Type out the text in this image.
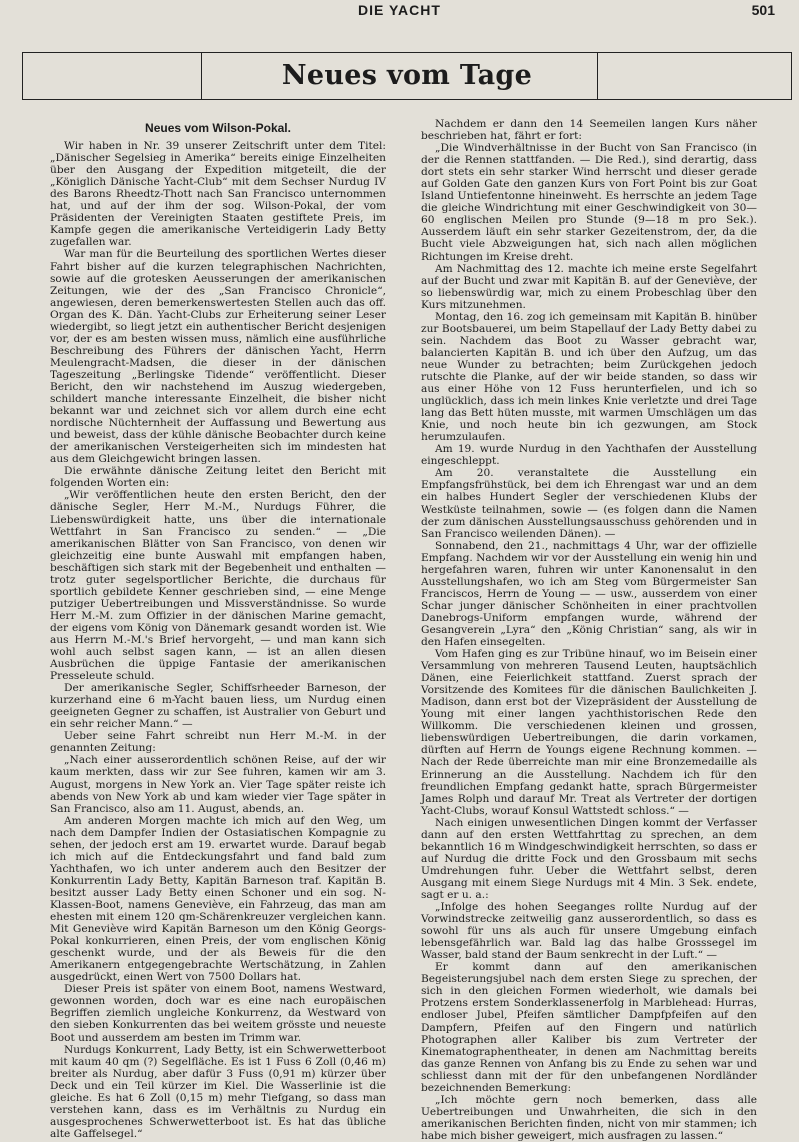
DIE YACHT	501
Neues vom Tage
Neues vom Wilson-Pokal.

Wir haben in Nr. 39 unserer Zeitschrift unter dem Titel: „Dänischer Segelsieg in Amerika“ bereits einige Einzelheiten über den Ausgang der Expedition mitgeteilt, die der „Königlich Dänische Yacht-Club“ mit dem Sechser Nurdug IV des Barons Rheedtz-Thott nach San Francisco unternommen hat, und auf der ihm der sog. Wilson-Pokal, der vom Präsidenten der Vereinigten Staaten gestiftete Preis, im Kampfe gegen die amerikanische Verteidigerin Lady Betty zugefallen war.

War man für die Beurteilung des sportlichen Wertes dieser Fahrt bisher auf die kurzen telegraphischen Nachrichten, sowie auf die grotesken Aeusserungen der amerikanischen Zeitungen, wie der des „San Francisco Chronicle“, angewiesen, deren bemerkenswertesten Stellen auch das off. Organ des K. Dän. Yacht-Clubs zur Erheiterung seiner Leser wiedergibt, so liegt jetzt ein authentischer Bericht desjenigen vor, der es am besten wissen muss, nämlich eine ausführliche Beschreibung des Führers der dänischen Yacht, Herrn Meulengracht-Madsen, die dieser in der dänischen Tageszeitung „Berlingske Tidende“ veröffentlicht. Dieser Bericht, den wir nachstehend im Auszug wiedergeben, schildert manche interessante Einzelheit, die bisher nicht bekannt war und zeichnet sich vor allem durch eine echt nordische Nüchternheit der Auffassung und Bewertung aus und beweist, dass der kühle dänische Beobachter durch keine der amerikanischen Versteigerheiten sich im mindesten hat aus dem Gleichgewicht bringen lassen.

Die erwähnte dänische Zeitung leitet den Bericht mit folgenden Worten ein:

„Wir veröffentlichen heute den ersten Bericht, den der dänische Segler, Herr M.-M., Nurdugs Führer, die Liebenswürdigkeit hatte, uns über die internationale Wettfahrt in San Francisco zu senden.“ — „Die amerikanischen Blätter von San Francisco, von denen wir gleichzeitig eine bunte Auswahl mit empfangen haben, beschäftigen sich stark mit der Begebenheit und enthalten — trotz guter segelsportlicher Berichte, die durchaus für sportlich gebildete Kenner geschrieben sind, — eine Menge putziger Uebertreibungen und Missverständnisse. So wurde Herr M.-M. zum Offizier in der dänischen Marine gemacht, der eigens vom König von Dänemark gesandt worden ist. Wie aus Herrn M.-M.'s Brief hervorgeht, — und man kann sich wohl auch selbst sagen kann, — ist an allen diesen Ausbrüchen die üppige Fantasie der amerikanischen Presseleute schuld.

Der amerikanische Segler, Schiffsrheeder Barneson, der kurzerhand eine 6 m-Yacht bauen liess, um Nurdug einen geeigneten Gegner zu schaffen, ist Australier von Geburt und ein sehr reicher Mann.“ —

Ueber seine Fahrt schreibt nun Herr M.-M. in der genannten Zeitung:

„Nach einer ausserordentlich schönen Reise, auf der wir kaum merkten, dass wir zur See fuhren, kamen wir am 3. August, morgens in New York an. Vier Tage später reiste ich abends von New York ab und kam wieder vier Tage später in San Francisco, also am 11. August, abends, an.

Am anderen Morgen machte ich mich auf den Weg, um nach dem Dampfer Indien der Ostasiatischen Kompagnie zu sehen, der jedoch erst am 19. erwartet wurde. Darauf begab ich mich auf die Entdeckungsfahrt und fand bald zum Yachthafen, wo ich unter anderem auch den Besitzer der Konkurrentin Lady Betty, Kapitän Barneson traf. Kapitän B. besitzt ausser Lady Betty einen Schoner und ein sog. N-Klassen-Boot, namens Geneviève, ein Fahrzeug, das man am ehesten mit einem 120 qm-Schärenkreuzer vergleichen kann. Mit Geneviève wird Kapitän Barneson um den König Georgs-Pokal konkurrieren, einen Preis, der vom englischen König geschenkt wurde, und der als Beweis für die den Amerikanern entgegengebrachte Wertschätzung, in Zahlen ausgedrückt, einen Wert von 7500 Dollars hat.

Dieser Preis ist später von einem Boot, namens Westward, gewonnen worden, doch war es eine nach europäischen Begriffen ziemlich ungleiche Konkurrenz, da Westward von den sieben Konkurrenten das bei weitem grösste und neueste Boot und ausserdem am besten im Trimm war.

Nurdugs Konkurrent, Lady Betty, ist ein Schwerwetterboot mit kaum 40 qm (?) Segelfläche. Es ist 1 Fuss 6 Zoll (0,46 m) breiter als Nurdug, aber dafür 3 Fuss (0,91 m) kürzer über Deck und ein Teil kürzer im Kiel. Die Wasserlinie ist die gleiche. Es hat 6 Zoll (0,15 m) mehr Tiefgang, so dass man verstehen kann, dass es im Verhältnis zu Nurdug ein ausgesprochenes Schwerwetterboot ist. Es hat das übliche alte Gaffelsegel.“

Nachdem er dann den 14 Seemeilen langen Kurs näher beschrieben hat, fährt er fort:

„Die Windverhältnisse in der Bucht von San Francisco (in der die Rennen stattfanden. — Die Red.), sind derartig, dass dort stets ein sehr starker Wind herrscht und dieser gerade auf Golden Gate den ganzen Kurs von Fort Point bis zur Goat Island Untiefentonne hineinweht. Es herrschte an jedem Tage die gleiche Windrichtung mit einer Geschwindigkeit von 30—60 englischen Meilen pro Stunde (9—18 m pro Sek.). Ausserdem läuft ein sehr starker Gezeitenstrom, der, da die Bucht viele Abzweigungen hat, sich nach allen möglichen Richtungen im Kreise dreht.

Am Nachmittag des 12. machte ich meine erste Segelfahrt auf der Bucht und zwar mit Kapitän B. auf der Geneviève, der so liebenswürdig war, mich zu einem Probeschlag über den Kurs mitzunehmen.

Montag, den 16. zog ich gemeinsam mit Kapitän B. hinüber zur Bootsbauerei, um beim Stapellauf der Lady Betty dabei zu sein. Nachdem das Boot zu Wasser gebracht war, balancierten Kapitän B. und ich über den Aufzug, um das neue Wunder zu betrachten; beim Zurückgehen jedoch rutschte die Planke, auf der wir beide standen, so dass wir aus einer Höhe von 12 Fuss herunterfielen, und ich so unglücklich, dass ich mein linkes Knie verletzte und drei Tage lang das Bett hüten musste, mit warmen Umschlägen um das Knie, und noch heute bin ich gezwungen, am Stock herumzulaufen.

Am 19. wurde Nurdug in den Yachthafen der Ausstellung eingeschleppt.

Am 20. veranstaltete die Ausstellung ein Empfangsfrühstück, bei dem ich Ehrengast war und an dem ein halbes Hundert Segler der verschiedenen Klubs der Westküste teilnahmen, sowie — (es folgen dann die Namen der zum dänischen Ausstellungsausschuss gehörenden und in San Francisco weilenden Dänen). —

Sonnabend, den 21., nachmittags 4 Uhr, war der offizielle Empfang. Nachdem wir vor der Ausstellung ein wenig hin und hergefahren waren, fuhren wir unter Kanonensalut in den Ausstellungshafen, wo ich am Steg vom Bürgermeister San Franciscos, Herrn de Young — — usw., ausserdem von einer Schar junger dänischer Schönheiten in einer prachtvollen Danebrogs-Uniform empfangen wurde, während der Gesangverein „Lyra“ den „König Christian“ sang, als wir in den Hafen einsegelten.

Vom Hafen ging es zur Tribüne hinauf, wo im Beisein einer Versammlung von mehreren Tausend Leuten, hauptsächlich Dänen, eine Feierlichkeit stattfand. Zuerst sprach der Vorsitzende des Komitees für die dänischen Baulichkeiten J. Madison, dann erst bot der Vizepräsident der Ausstellung de Young mit einer langen yachthistorischen Rede den Willkomm. Die verschiedenen kleinen und grossen, liebenswürdigen Uebertreibungen, die darin vorkamen, dürften auf Herrn de Youngs eigene Rechnung kommen. — Nach der Rede überreichte man mir eine Bronzemedaille als Erinnerung an die Ausstellung. Nachdem ich für den freundlichen Empfang gedankt hatte, sprach Bürgermeister James Rolph und darauf Mr. Treat als Vertreter der dortigen Yacht-Clubs, worauf Konsul Wattstedt schloss.“ —

Nach einigen unwesentlichen Dingen kommt der Verfasser dann auf den ersten Wettfahrttag zu sprechen, an dem bekanntlich 16 m Windgeschwindigkeit herrschten, so dass er auf Nurdug die dritte Fock und den Grossbaum mit sechs Umdrehungen fuhr. Ueber die Wettfahrt selbst, deren Ausgang mit einem Siege Nurdugs mit 4 Min. 3 Sek. endete, sagt er u. a.:

„Infolge des hohen Seeganges rollte Nurdug auf der Vorwindstrecke zeitweilig ganz ausserordentlich, so dass es sowohl für uns als auch für unsere Umgebung einfach lebensgefährlich war. Bald lag das halbe Grosssegel im Wasser, bald stand der Baum senkrecht in der Luft.“ —

Er kommt dann auf den amerikanischen Begeisterungsjubel nach dem ersten Siege zu sprechen, der sich in den gleichen Formen wiederholt, wie damals bei Protzens erstem Sonderklassenerfolg in Marblehead: Hurras, endloser Jubel, Pfeifen sämtlicher Dampfpfeifen auf den Dampfern, Pfeifen auf den Fingern und natürlich Photographen aller Kaliber bis zum Vertreter der Kinematographentheater, in denen am Nachmittag bereits das ganze Rennen von Anfang bis zu Ende zu sehen war und schliesst dann mit der für den unbefangenen Nordländer bezeichnenden Bemerkung:

„Ich möchte gern noch bemerken, dass alle Uebertreibungen und Unwahrheiten, die sich in den amerikanischen Berichten finden, nicht von mir stammen; ich habe mich bisher geweigert, mich ausfragen zu lassen.“
